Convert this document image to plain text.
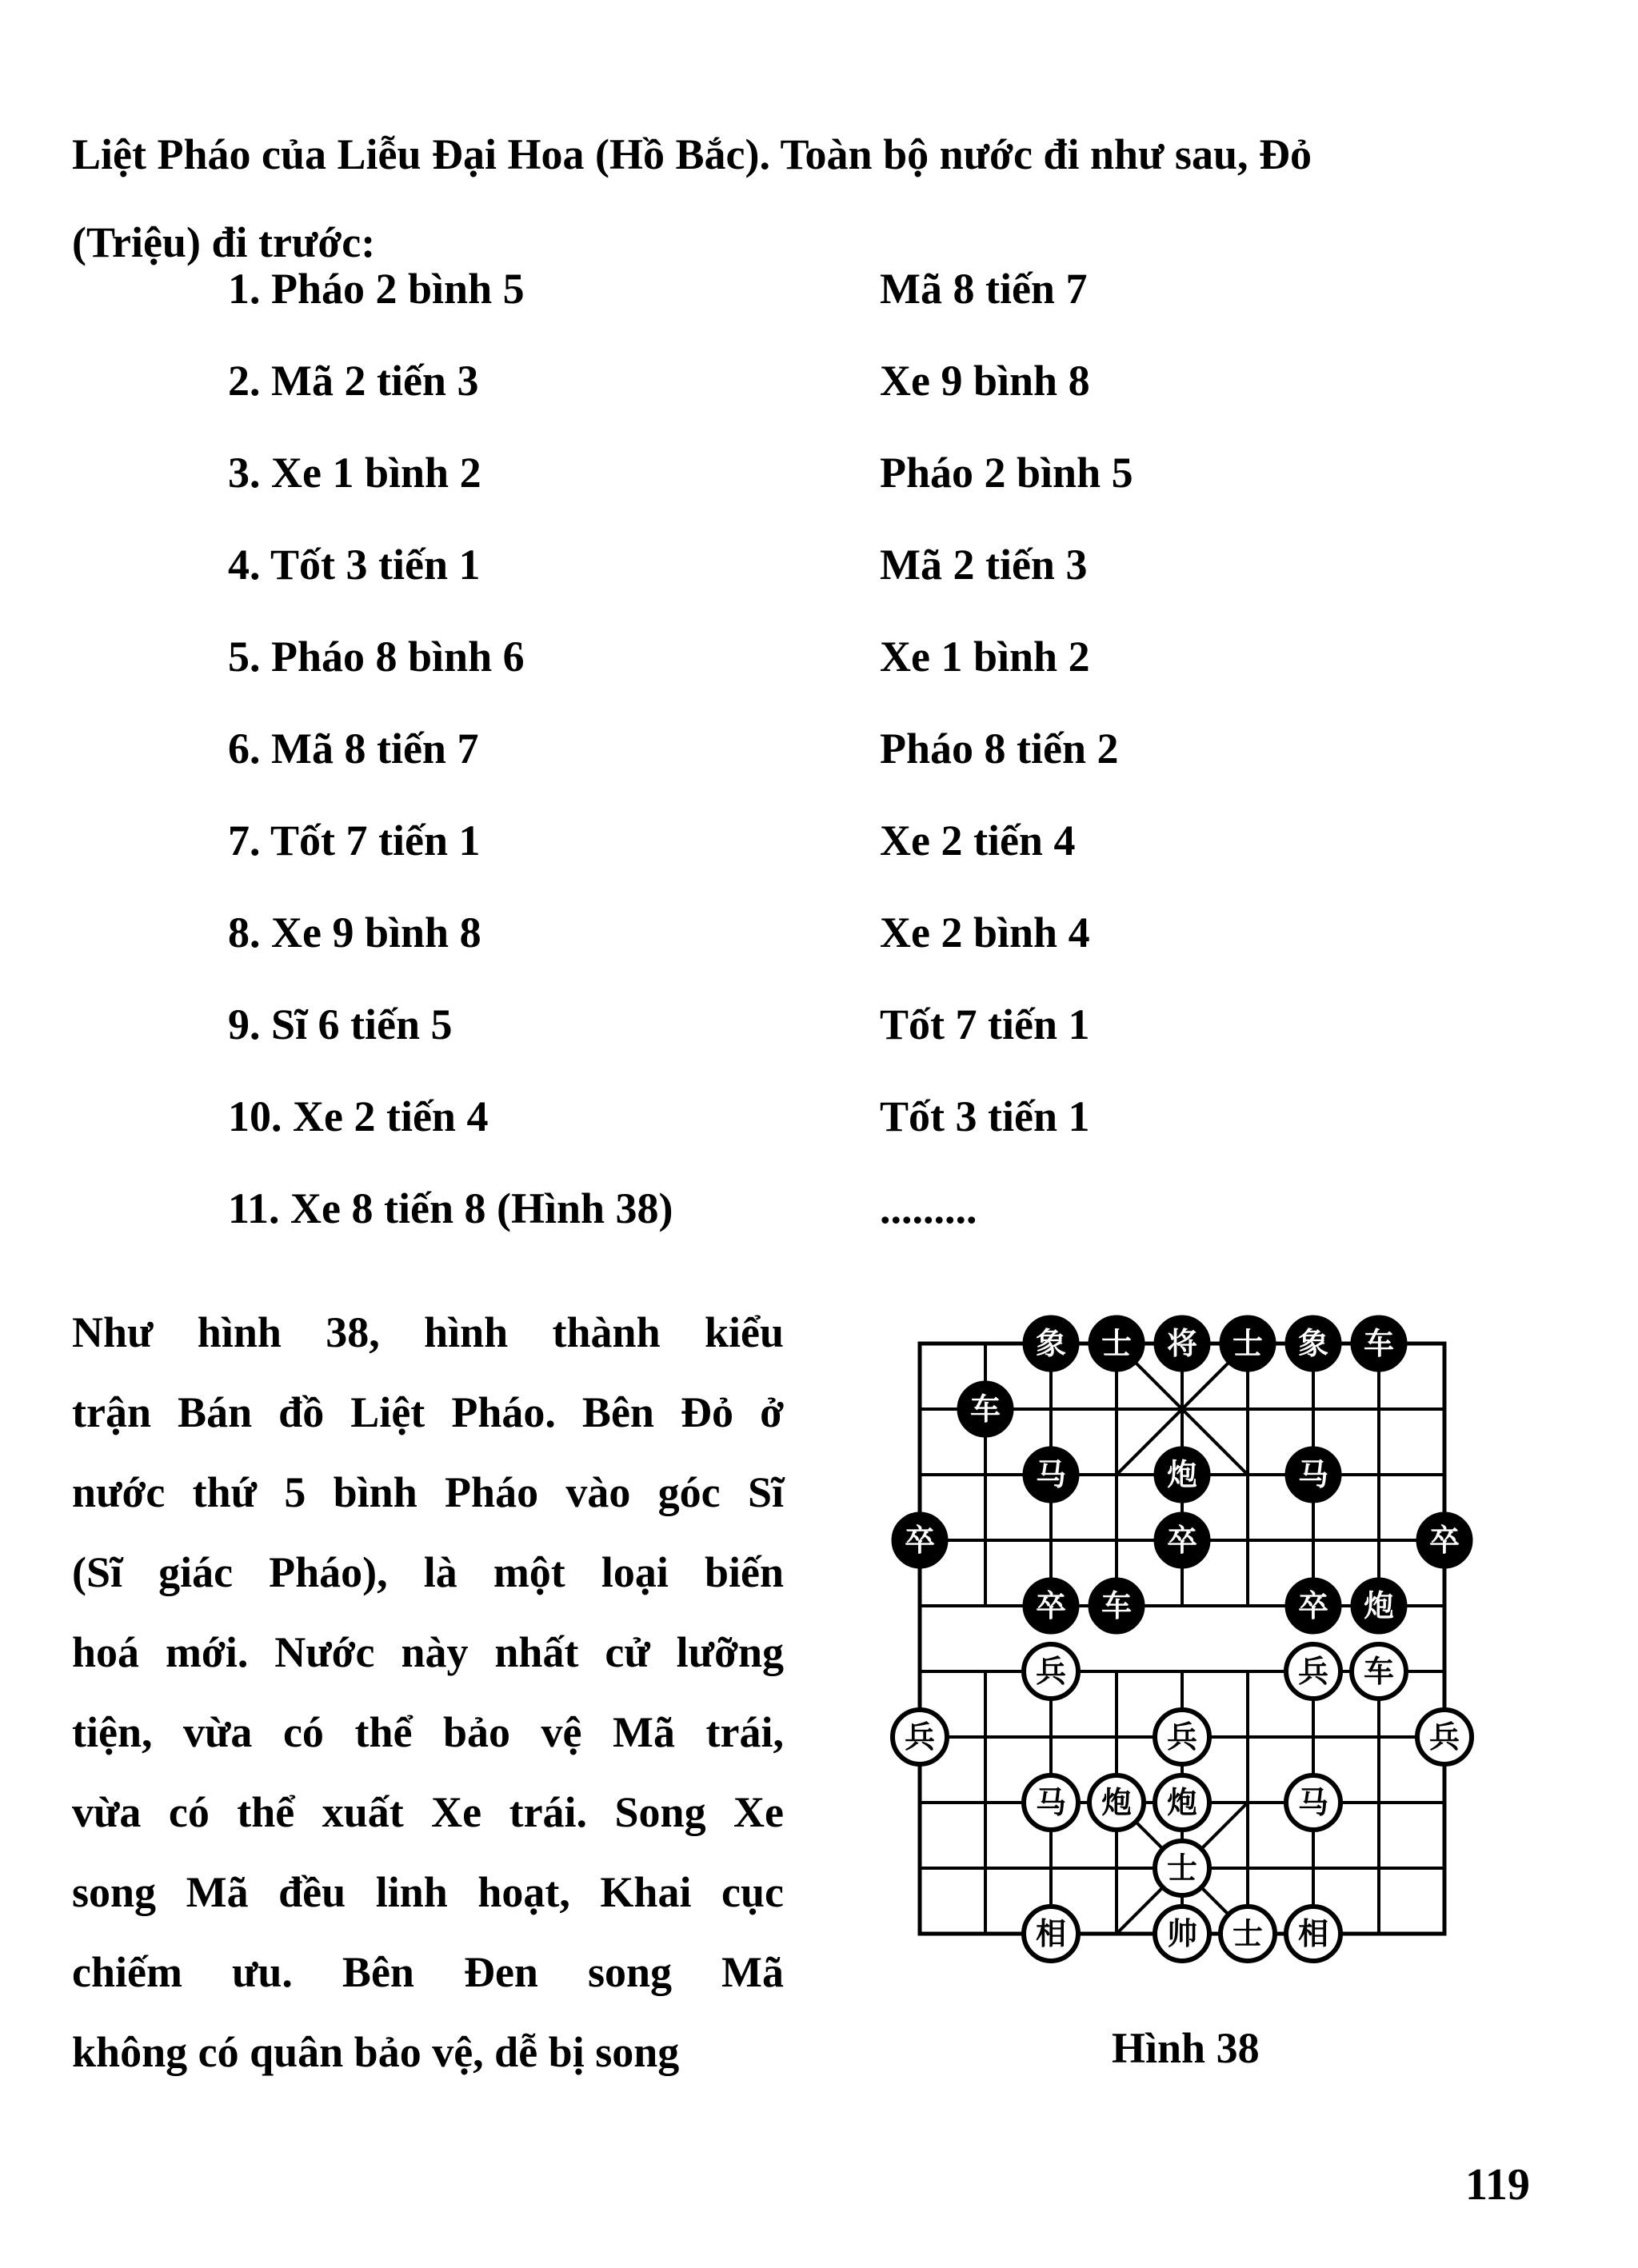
Liệt Pháo của Liễu Đại Hoa (Hồ Bắc). Toàn bộ nước đi như sau, Đỏ

(Triệu) đi trước:

1. Pháo 2 bình 5	Mã 8 tiến 7
2. Mã 2 tiến 3	Xe 9 bình 8
3. Xe 1 bình 2	Pháo 2 bình 5
4. Tốt 3 tiến 1	Mã 2 tiến 3
5. Pháo 8 bình 6	Xe 1 bình 2
6. Mã 8 tiến 7	Pháo 8 tiến 2
7. Tốt 7 tiến 1	Xe 2 tiến 4
8. Xe 9 bình 8	Xe 2 bình 4
9. Sĩ 6 tiến 5	Tốt 7 tiến 1
10. Xe 2 tiến 4	Tốt 3 tiến 1
11. Xe 8 tiến 8 (Hình 38)	.........
Như hình 38, hình thành kiểu
trận Bán đồ Liệt Pháo. Bên Đỏ ở
nước thứ 5 bình Pháo vào góc Sĩ
(Sĩ giác Pháo), là một loại biến
hoá mới. Nước này nhất cử lưỡng
tiện, vừa có thể bảo vệ Mã trái,
vừa có thể xuất Xe trái. Song Xe
song Mã đều linh hoạt, Khai cục
chiếm ưu. Bên Đen song Mã
không có quân bảo vệ, dễ bị song
象 士 将 士 象 车
车
马	炮	马
卒	卒	卒
卒 车	卒 炮
兵	兵 车
兵	兵	兵
马 炮 炮	马
士
相	帅 士 相
Hình 38
119
